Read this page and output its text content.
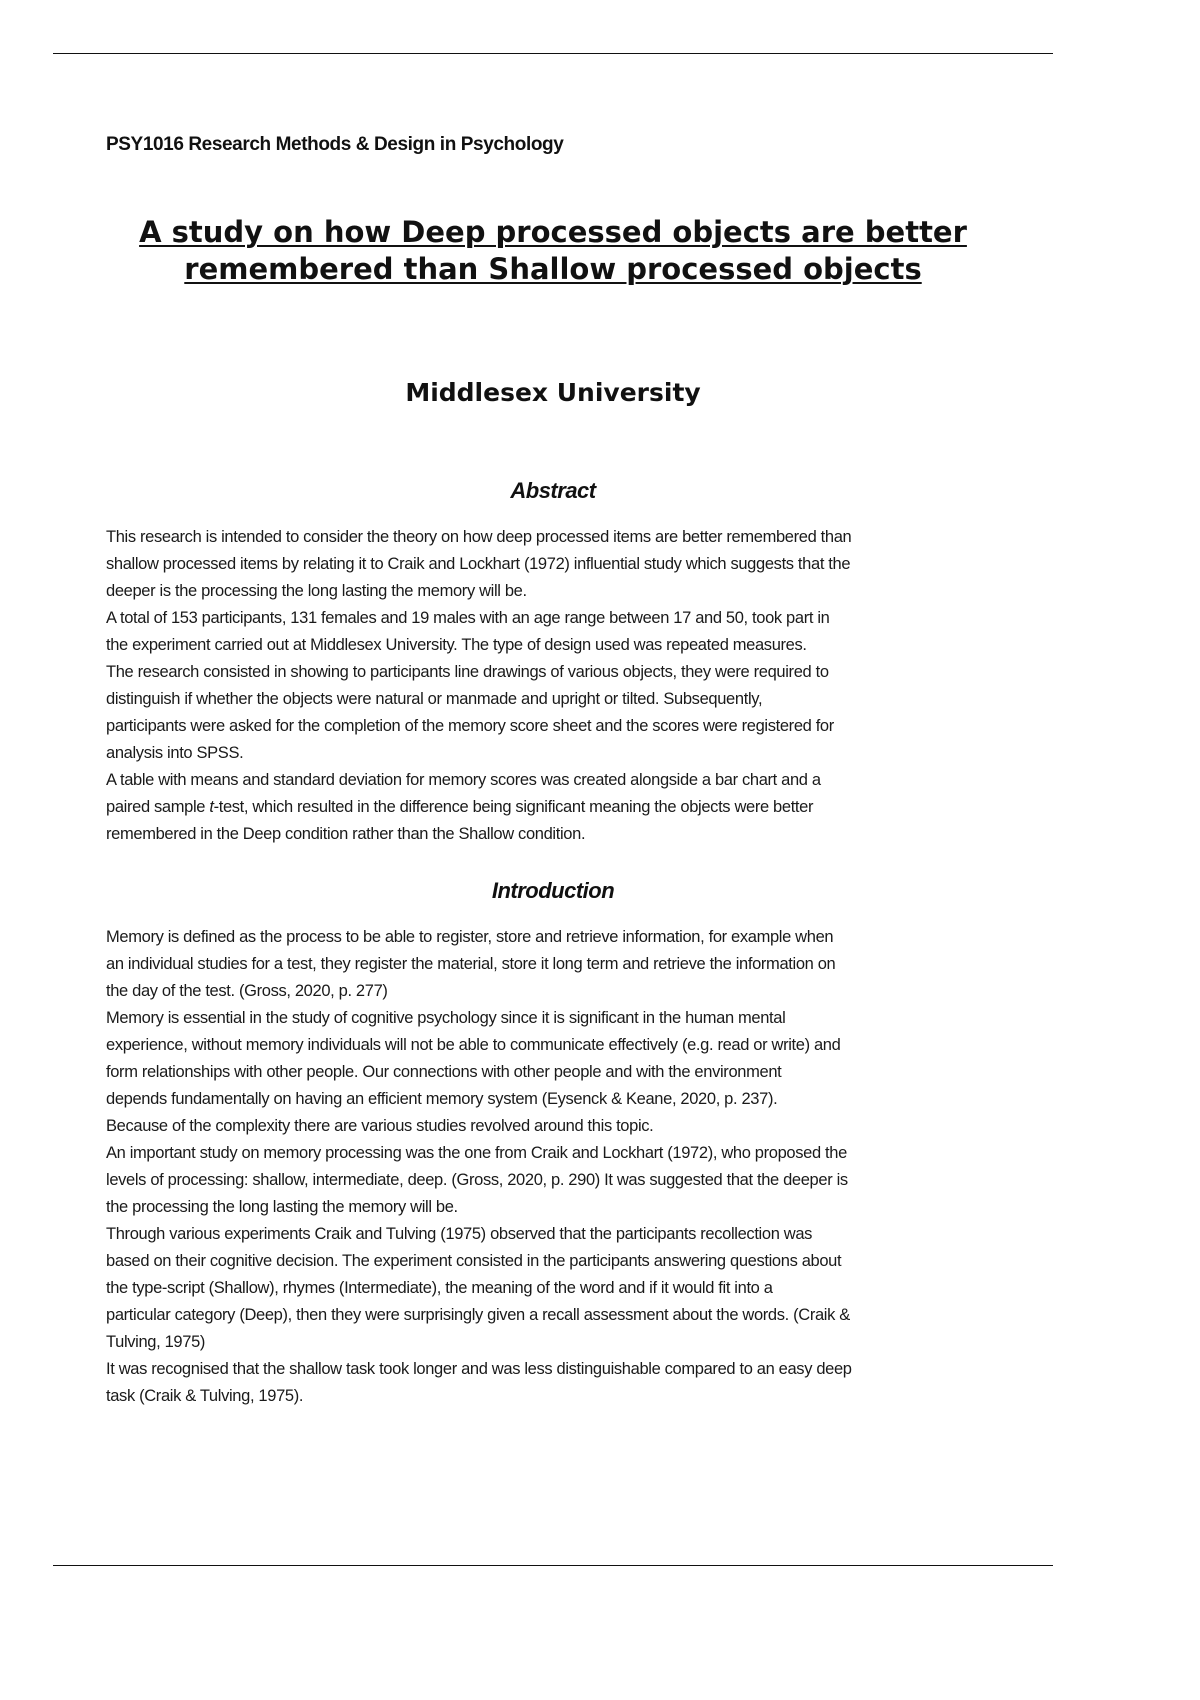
PSY1016 Research Methods & Design in Psychology
A study on how Deep processed objects are better
remembered than Shallow processed objects
Middlesex University
Abstract
This research is intended to consider the theory on how deep processed items are better remembered than
shallow processed items by relating it to Craik and Lockhart (1972) influential study which suggests that the
deeper is the processing the long lasting the memory will be.
A total of 153 participants, 131 females and 19 males with an age range between 17 and 50, took part in
the experiment carried out at Middlesex University. The type of design used was repeated measures.
The research consisted in showing to participants line drawings of various objects, they were required to
distinguish if whether the objects were natural or manmade and upright or tilted. Subsequently,
participants were asked for the completion of the memory score sheet and the scores were registered for
analysis into SPSS.
A table with means and standard deviation for memory scores was created alongside a bar chart and a
paired sample t-test, which resulted in the difference being significant meaning the objects were better
remembered in the Deep condition rather than the Shallow condition.
Introduction
Memory is defined as the process to be able to register, store and retrieve information, for example when
an individual studies for a test, they register the material, store it long term and retrieve the information on
the day of the test. (Gross, 2020, p. 277)
Memory is essential in the study of cognitive psychology since it is significant in the human mental
experience, without memory individuals will not be able to communicate effectively (e.g. read or write) and
form relationships with other people. Our connections with other people and with the environment
depends fundamentally on having an efficient memory system (Eysenck & Keane, 2020, p. 237).
Because of the complexity there are various studies revolved around this topic.
An important study on memory processing was the one from Craik and Lockhart (1972), who proposed the
levels of processing: shallow, intermediate, deep. (Gross, 2020, p. 290) It was suggested that the deeper is
the processing the long lasting the memory will be.
Through various experiments Craik and Tulving (1975) observed that the participants recollection was
based on their cognitive decision. The experiment consisted in the participants answering questions about
the type-script (Shallow), rhymes (Intermediate), the meaning of the word and if it would fit into a
particular category (Deep), then they were surprisingly given a recall assessment about the words. (Craik &
Tulving, 1975)
It was recognised that the shallow task took longer and was less distinguishable compared to an easy deep
task (Craik & Tulving, 1975).
